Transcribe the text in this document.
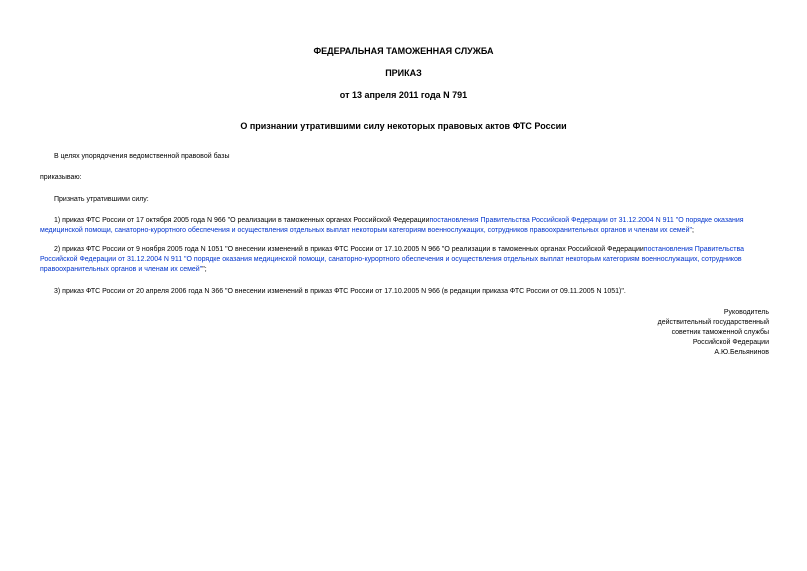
ФЕДЕРАЛЬНАЯ ТАМОЖЕННАЯ СЛУЖБА
ПРИКАЗ
от 13 апреля 2011 года N 791
О признании утратившими силу некоторых правовых актов ФТС России
В целях упорядочения ведомственной правовой базы
приказываю:
Признать утратившими силу:
1) приказ ФТС России от 17 октября 2005 года N 966 "О реализации в таможенных органах Российской Федерациипостановления Правительства Российской Федерации от 31.12.2004 N 911 "О порядке оказания медицинской помощи, санаторно-курортного обеспечения и осуществления отдельных выплат некоторым категориям военнослужащих, сотрудников правоохранительных органов и членам их семей";
2) приказ ФТС России от 9 ноября 2005 года N 1051 "О внесении изменений в приказ ФТС России от 17.10.2005 N 966 "О реализации в таможенных органах Российской Федерациипостановления Правительства Российской Федерации от 31.12.2004 N 911 "О порядке оказания медицинской помощи, санаторно-курортного обеспечения и осуществления отдельных выплат некоторым категориям военнослужащих, сотрудников правоохранительных органов и членам их семей"";
3) приказ ФТС России от 20 апреля 2006 года N 366 "О внесении изменений в приказ ФТС России от 17.10.2005 N 966 (в редакции приказа ФТС России от 09.11.2005 N 1051)".
Руководитель
действительный государственный
советник таможенной службы
Российской Федерации
А.Ю.Бельянинов
